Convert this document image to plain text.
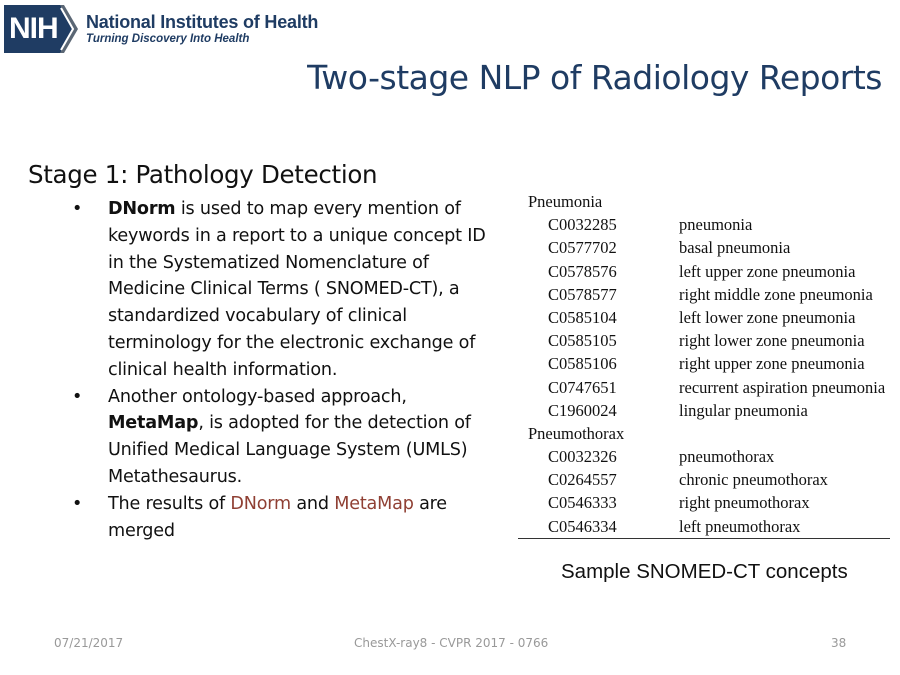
NIH National Institutes of Health
Turning Discovery Into Health
Two-stage NLP of Radiology Reports
Stage 1: Pathology Detection
• DNorm is used to map every mention of keywords in a report to a unique concept ID in the Systematized Nomenclature of Medicine Clinical Terms ( SNOMED-CT), a standardized vocabulary of clinical terminology for the electronic exchange of clinical health information.
• Another ontology-based approach, MetaMap, is adopted for the detection of Unified Medical Language System (UMLS) Metathesaurus.
• The results of DNorm and MetaMap are merged
Pneumonia
C0032285	pneumonia
C0577702	basal pneumonia
C0578576	left upper zone pneumonia
C0578577	right middle zone pneumonia
C0585104	left lower zone pneumonia
C0585105	right lower zone pneumonia
C0585106	right upper zone pneumonia
C0747651	recurrent aspiration pneumonia
C1960024	lingular pneumonia
Pneumothorax
C0032326	pneumothorax
C0264557	chronic pneumothorax
C0546333	right pneumothorax
C0546334	left pneumothorax
Sample SNOMED-CT concepts
07/21/2017	ChestX-ray8 - CVPR 2017 - 0766	38
